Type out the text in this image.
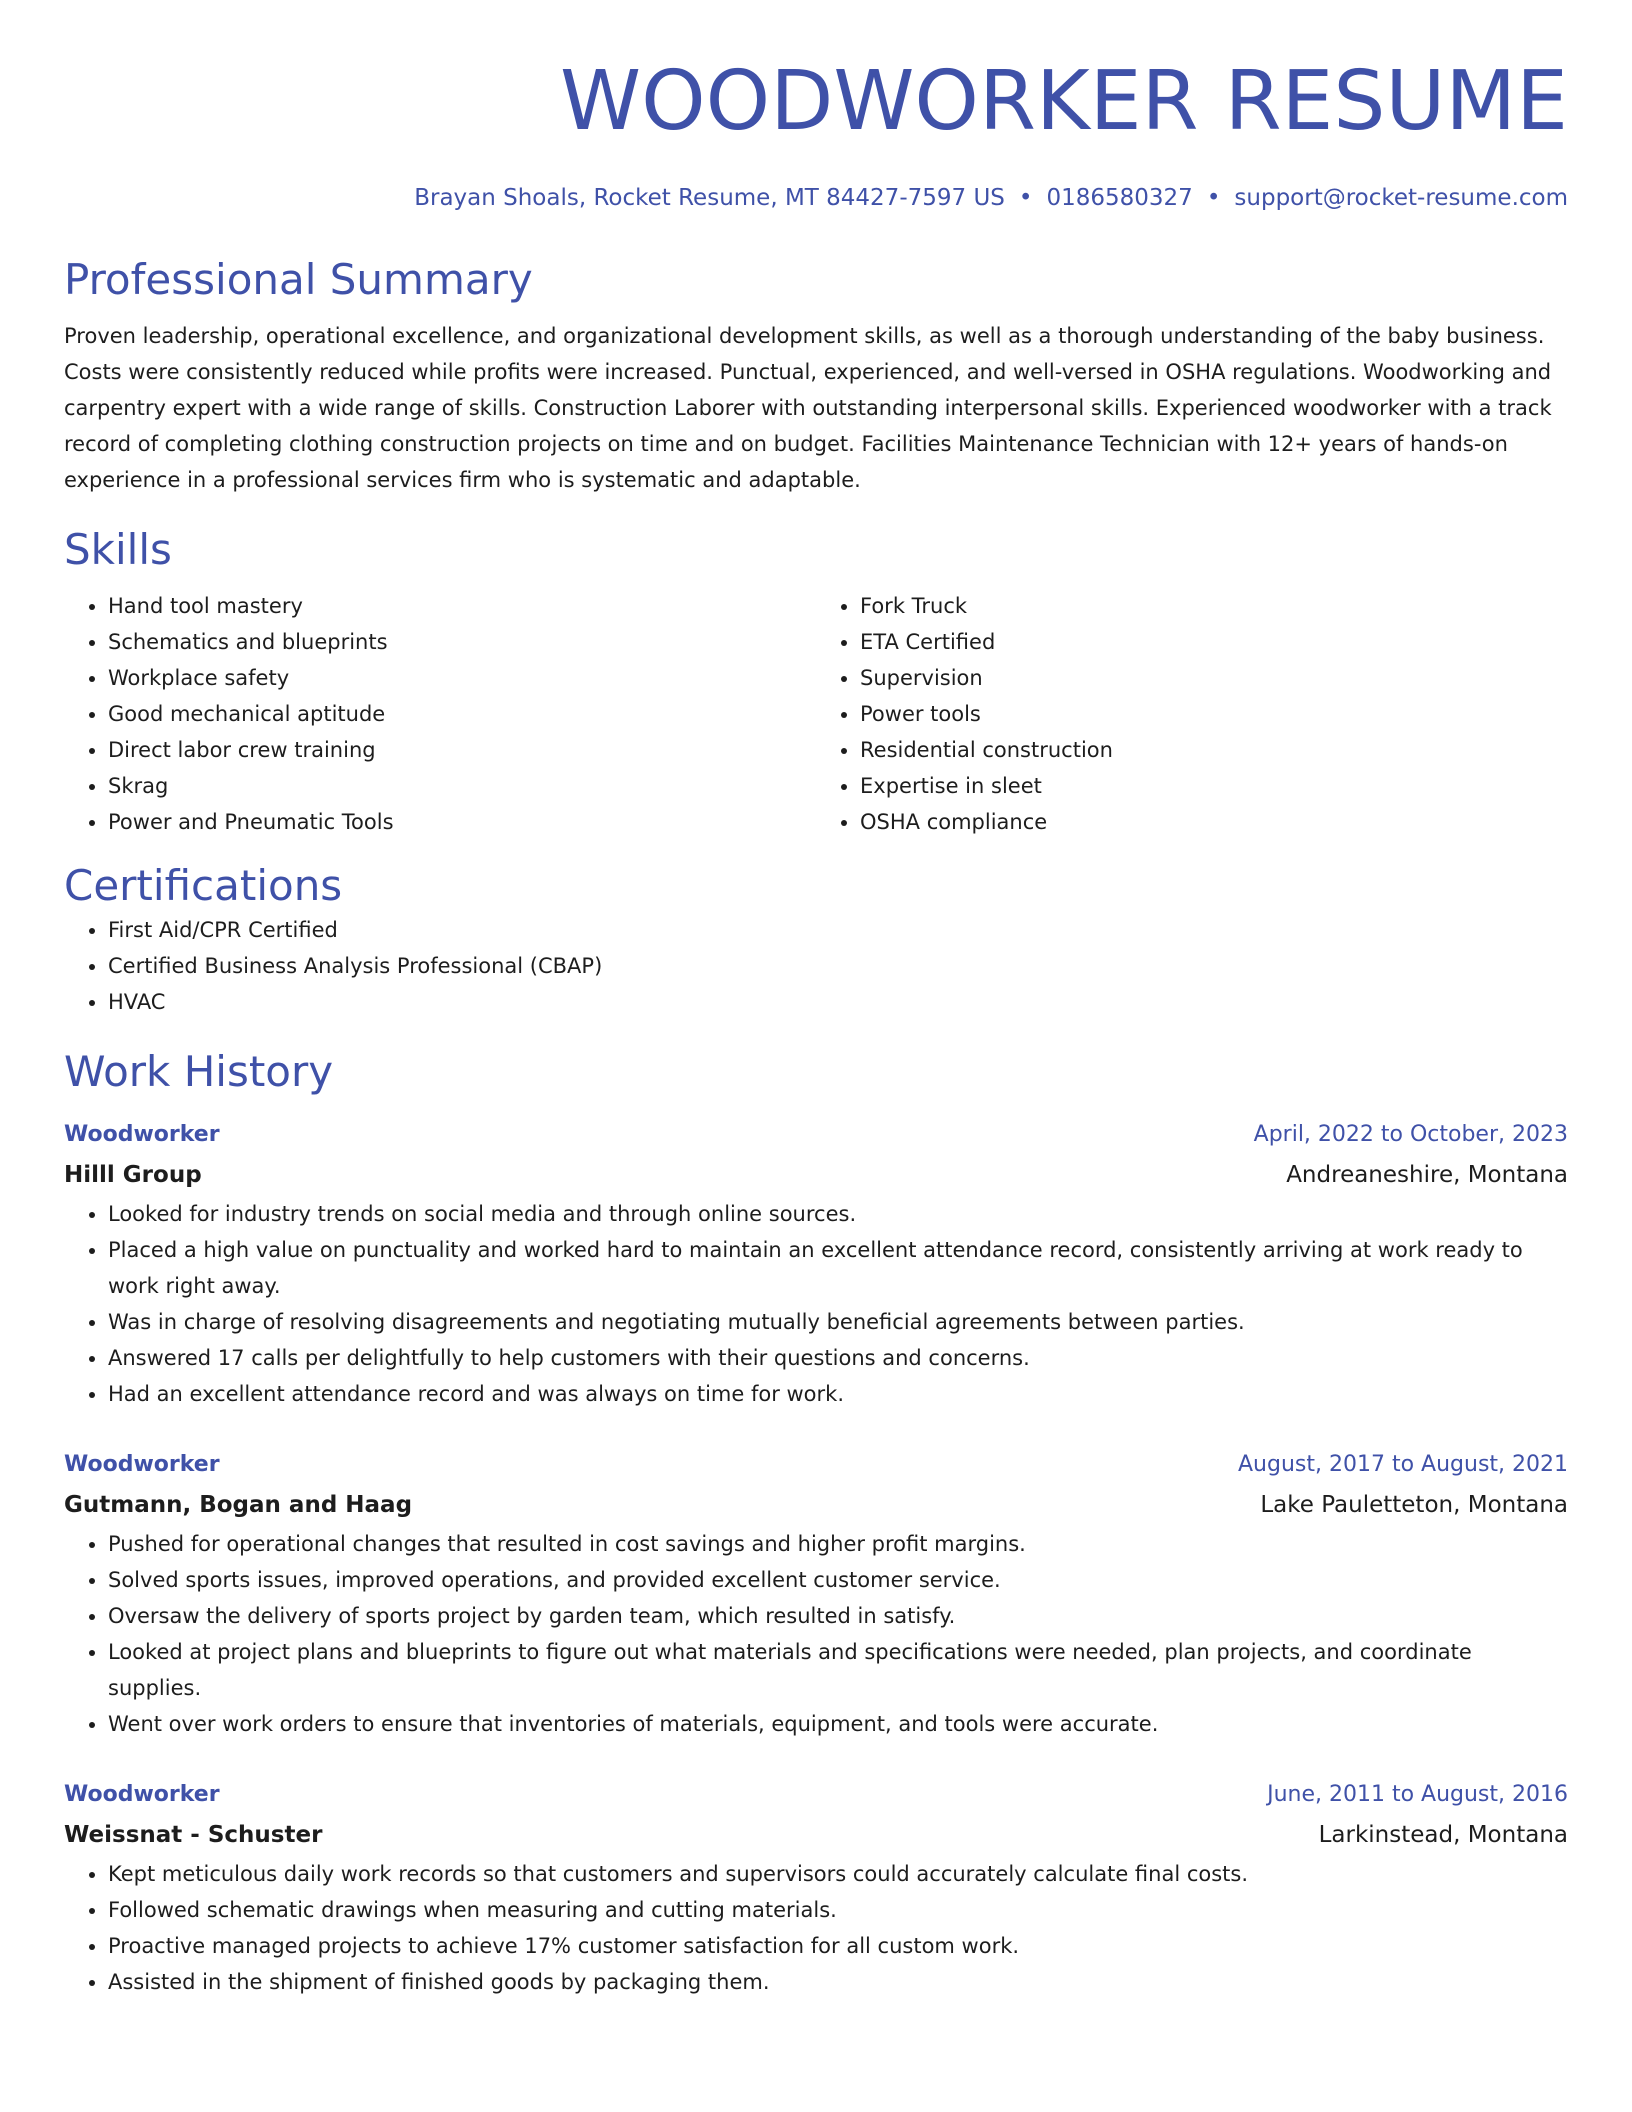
WOODWORKER RESUME
Brayan Shoals, Rocket Resume, MT 84427-7597 US • 0186580327 • support@rocket-resume.com
Professional Summary
Proven leadership, operational excellence, and organizational development skills, as well as a thorough understanding of the baby business. Costs were consistently reduced while profits were increased. Punctual, experienced, and well-versed in OSHA regulations. Woodworking and carpentry expert with a wide range of skills. Construction Laborer with outstanding interpersonal skills. Experienced woodworker with a track record of completing clothing construction projects on time and on budget. Facilities Maintenance Technician with 12+ years of hands-on experience in a professional services firm who is systematic and adaptable.
Skills
• Hand tool mastery
• Schematics and blueprints
• Workplace safety
• Good mechanical aptitude
• Direct labor crew training
• Skrag
• Power and Pneumatic Tools
• Fork Truck
• ETA Certified
• Supervision
• Power tools
• Residential construction
• Expertise in sleet
• OSHA compliance
Certifications
• First Aid/CPR Certified
• Certified Business Analysis Professional (CBAP)
• HVAC
Work History
Woodworker	April, 2022 to October, 2023
Hilll Group	Andreaneshire, Montana
• Looked for industry trends on social media and through online sources.
• Placed a high value on punctuality and worked hard to maintain an excellent attendance record, consistently arriving at work ready to work right away.
• Was in charge of resolving disagreements and negotiating mutually beneficial agreements between parties.
• Answered 17 calls per delightfully to help customers with their questions and concerns.
• Had an excellent attendance record and was always on time for work.
Woodworker	August, 2017 to August, 2021
Gutmann, Bogan and Haag	Lake Pauletteton, Montana
• Pushed for operational changes that resulted in cost savings and higher profit margins.
• Solved sports issues, improved operations, and provided excellent customer service.
• Oversaw the delivery of sports project by garden team, which resulted in satisfy.
• Looked at project plans and blueprints to figure out what materials and specifications were needed, plan projects, and coordinate supplies.
• Went over work orders to ensure that inventories of materials, equipment, and tools were accurate.
Woodworker	June, 2011 to August, 2016
Weissnat - Schuster	Larkinstead, Montana
• Kept meticulous daily work records so that customers and supervisors could accurately calculate final costs.
• Followed schematic drawings when measuring and cutting materials.
• Proactive managed projects to achieve 17% customer satisfaction for all custom work.
• Assisted in the shipment of finished goods by packaging them.
